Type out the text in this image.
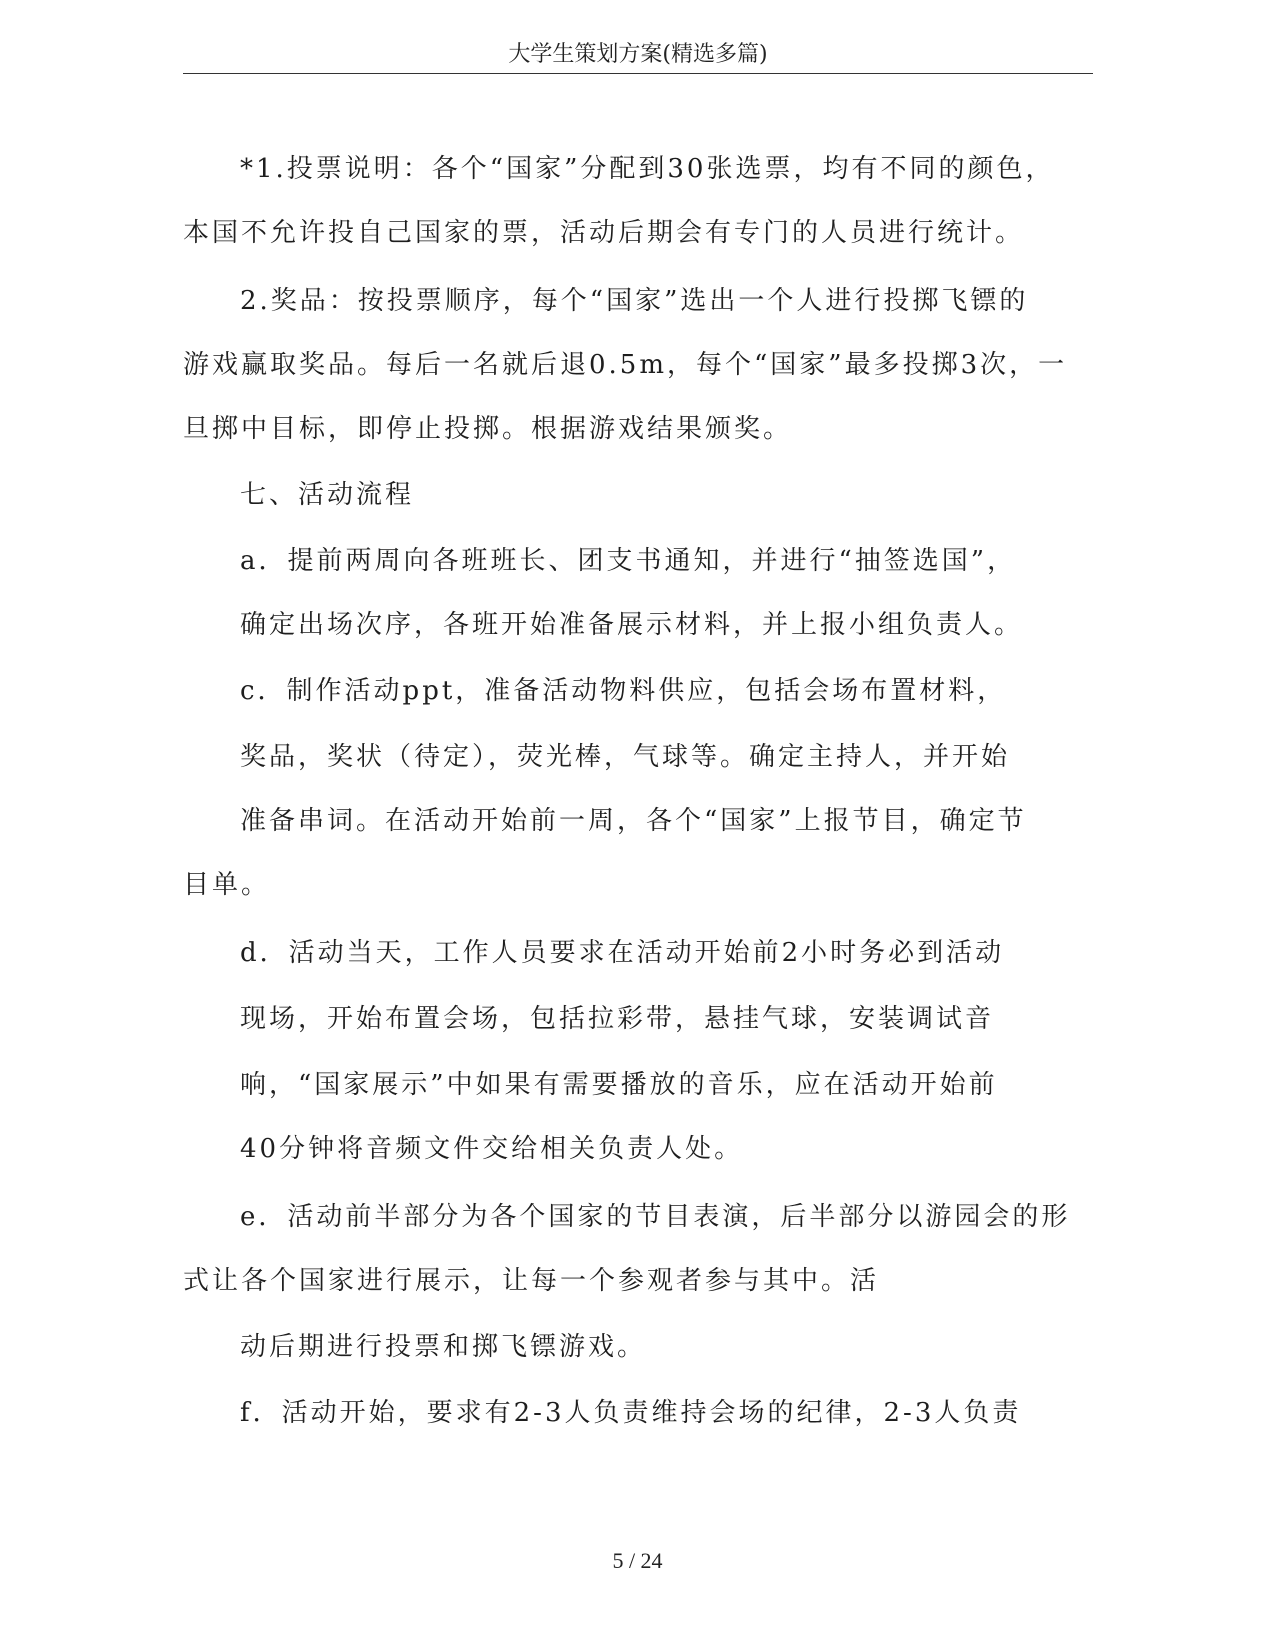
大学生策划方案(精选多篇)
*1.投票说明：各个“国家”分配到30张选票，均有不同的颜色，
本国不允许投自己国家的票，活动后期会有专门的人员进行统计。
2.奖品：按投票顺序，每个“国家”选出一个人进行投掷飞镖的
游戏赢取奖品。每后一名就后退0.5m，每个“国家”最多投掷3次，一
旦掷中目标，即停止投掷。根据游戏结果颁奖。
七、活动流程
a．提前两周向各班班长、团支书通知，并进行“抽签选国”，
确定出场次序，各班开始准备展示材料，并上报小组负责人。
c．制作活动ppt，准备活动物料供应，包括会场布置材料，
奖品，奖状（待定），荧光棒，气球等。确定主持人，并开始
准备串词。在活动开始前一周，各个“国家”上报节目，确定节
目单。
d．活动当天，工作人员要求在活动开始前2小时务必到活动
现场，开始布置会场，包括拉彩带，悬挂气球，安装调试音
响，“国家展示”中如果有需要播放的音乐，应在活动开始前
40分钟将音频文件交给相关负责人处。
e．活动前半部分为各个国家的节目表演，后半部分以游园会的形
式让各个国家进行展示，让每一个参观者参与其中。活
动后期进行投票和掷飞镖游戏。
f．活动开始，要求有2-3人负责维持会场的纪律，2-3人负责
5 / 24
